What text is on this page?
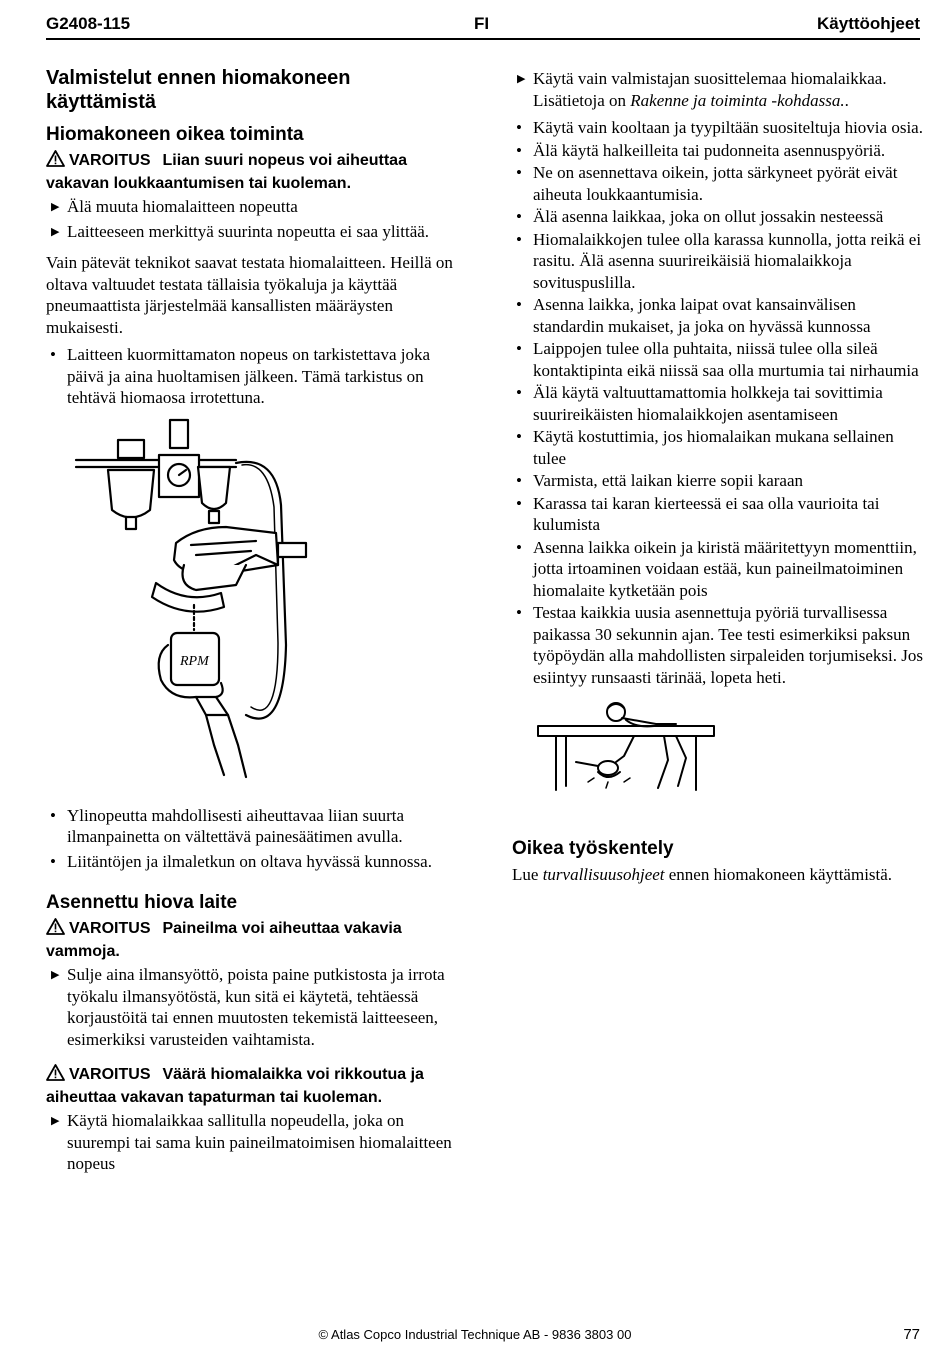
G2408-115	FI	Käyttöohjeet
Valmistelut ennen hiomakoneen käyttämistä
Hiomakoneen oikea toiminta
VAROITUS Liian suuri nopeus voi aiheuttaa vakavan loukkaantumisen tai kuoleman.
▶ Älä muuta hiomalaitteen nopeutta
▶ Laitteeseen merkittyä suurinta nopeutta ei saa ylittää.

Vain pätevät teknikot saavat testata hiomalaitteen. Heillä on oltava valtuudet testata tällaisia työkaluja ja käyttää pneumaattista järjestelmää kansallisten määräysten mukaisesti.

• Laitteen kuormittamaton nopeus on tarkistettava joka päivä ja aina huoltamisen jälkeen. Tämä tarkistus on tehtävä hiomaosa irrotettuna.
RPM
• Ylinopeutta mahdollisesti aiheuttavaa liian suurta ilmanpainetta on vältettävä painesäätimen avulla.
• Liitäntöjen ja ilmaletkun on oltava hyvässä kunnossa.
Asennettu hiova laite
VAROITUS Paineilma voi aiheuttaa vakavia vammoja.
▶ Sulje aina ilmansyöttö, poista paine putkistosta ja irrota työkalu ilmansyötöstä, kun sitä ei käytetä, tehtäessä korjaustöitä tai ennen muutosten tekemistä laitteeseen, esimerkiksi varusteiden vaihtamista.
VAROITUS Väärä hiomalaikka voi rikkoutua ja aiheuttaa vakavan tapaturman tai kuoleman.
▶ Käytä hiomalaikkaa sallitulla nopeudella, joka on suurempi tai sama kuin paineilmatoimisen hiomalaitteen nopeus
▶ Käytä vain valmistajan suosittelemaa hiomalaikkaa. Lisätietoja on Rakenne ja toiminta -kohdassa..
• Käytä vain kooltaan ja tyypiltään suositeltuja hiovia osia.
• Älä käytä halkeilleita tai pudonneita asennuspyöriä.
• Ne on asennettava oikein, jotta särkyneet pyörät eivät aiheuta loukkaantumisia.
• Älä asenna laikkaa, joka on ollut jossakin nesteessä
• Hiomalaikkojen tulee olla karassa kunnolla, jotta reikä ei rasitu. Älä asenna suurireikäisiä hiomalaikkoja sovituspuslilla.
• Asenna laikka, jonka laipat ovat kansainvälisen standardin mukaiset, ja joka on hyvässä kunnossa
• Laippojen tulee olla puhtaita, niissä tulee olla sileä kontaktipinta eikä niissä saa olla murtumia tai nirhaumia
• Älä käytä valtuuttamattomia holkkeja tai sovittimia suurireikäisten hiomalaikkojen asentamiseen
• Käytä kostuttimia, jos hiomalaikan mukana sellainen tulee
• Varmista, että laikan kierre sopii karaan
• Karassa tai karan kierteessä ei saa olla vaurioita tai kulumista
• Asenna laikka oikein ja kiristä määritettyyn momenttiin, jotta irtoaminen voidaan estää, kun paineilmatoiminen hiomalaite kytketään pois
• Testaa kaikkia uusia asennettuja pyöriä turvallisessa paikassa 30 sekunnin ajan. Tee testi esimerkiksi paksun työpöydän alla mahdollisten sirpaleiden torjumiseksi. Jos esiintyy runsaasti tärinää, lopeta heti.
Oikea työskentely

Lue turvallisuusohjeet ennen hiomakoneen käyttämistä.

© Atlas Copco Industrial Technique AB - 9836 3803 00	77
